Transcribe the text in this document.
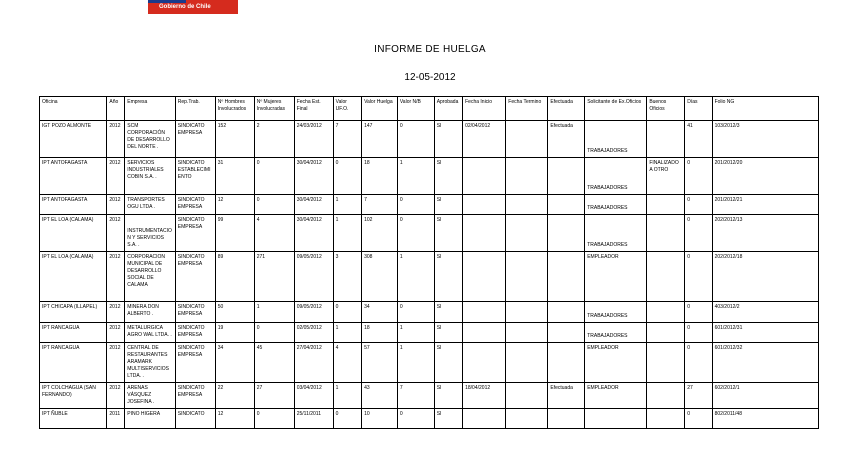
Gobierno de Chile
INFORME DE HUELGA
12-05-2012
Oficina	Año	Empresa	Rep.Trab.	Nº Hombres Involucrados	Nº Mujeres Involucradas	Fecha Est. Final	Valor UF.O.	Valor Huelga	Valor N/B	Aprobada	Fecha Inicio	Fecha Termino	Efectuada	Solicitante de Ex.Oficios	Buenos Oficios	Días	Folio NG
IGT POZO ALMONTE	2012	SCM CORPORACIÓN DE DESARROLLO DEL NORTE .	SINDICATO EMPRESA	152	2	24/03/2012	7	147	0	SI	02/04/2012		Efectuada	TRABAJADORES		41	103/2012/3
IPT ANTOFAGASTA	2012	SERVICIOS INDUSTRIALES COBIN S.A. .	SINDICATO ESTABLECIMIENTO	31	0	30/04/2012	0	18	1	SI				TRABAJADORES	FINALIZADO A OTRO	0	201/2012/20
IPT ANTOFAGASTA	2012	TRANSPORTES OGU LTDA .	SINDICATO EMPRESA	12	0	30/04/2012	1	7	0	SI				TRABAJADORES		0	201/2012/21
IPT EL LOA (CALAMA)	2012	INSTRUMENTACION Y SERVICIOS S.A. .	SINDICATO EMPRESA	99	4	30/04/2012	1	102	0	SI				TRABAJADORES		0	202/2012/13
IPT EL LOA (CALAMA)	2012	CORPORACION MUNICIPAL DE DESARROLLO SOCIAL DE CALAMA	SINDICATO EMPRESA	89	271	09/05/2012	3	308	1	SI				EMPLEADOR		0	202/2012/18
IPT CHICAPA (ILLAPEL)	2012	MINERA DON ALBERTO .	SINDICATO EMPRESA	50	1	09/05/2012	0	34	0	SI				TRABAJADORES		0	403/2012/2
IPT RANCAGUA	2012	METALURGICA AGRO WAL LTDA. .	SINDICATO EMPRESA	19	0	02/05/2012	1	18	1	SI				TRABAJADORES		0	601/2012/31
IPT RANCAGUA	2012	CENTRAL DE RESTAURANTES ARAMARK MULTISERVICIOS LTDA. .	SINDICATO EMPRESA	34	45	27/04/2012	4	57	1	SI				EMPLEADOR		0	601/2012/32
IPT COLCHAGUA (SAN FERNANDO)	2012	ARENAS VÁSQUEZ JOSEFINA .	SINDICATO EMPRESA	22	27	03/04/2012	1	43	7	SI	18/04/2012		Efectuada	EMPLEADOR		27	602/2012/1
IPT ÑUBLE	2011	PINO HIGERA	SINDICATO	12	0	25/11/2011	0	10	0	SI						0	802/2011/48
